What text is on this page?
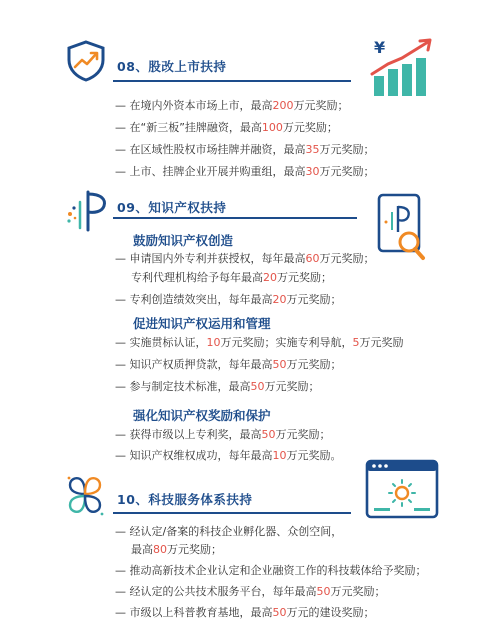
08、股改上市扶持
¥
— 在境内外资本市场上市，最高200万元奖励；
— 在“新三板”挂牌融资，最高100万元奖励；
— 在区域性股权市场挂牌并融资，最高35万元奖励；
— 上市、挂牌企业开展并购重组，最高30万元奖励；
09、知识产权扶持
鼓励知识产权创造
— 申请国内外专利并获授权，每年最高60万元奖励；
专利代理机构给予每年最高20万元奖励；
— 专利创造绩效突出，每年最高20万元奖励；
促进知识产权运用和管理
— 实施贯标认证，10万元奖励；实施专利导航，5万元奖励
— 知识产权质押贷款，每年最高50万元奖励；
— 参与制定技术标准，最高50万元奖励；
强化知识产权奖励和保护
— 获得市级以上专利奖，最高50万元奖励；
— 知识产权维权成功，每年最高10万元奖励。
10、科技服务体系扶持
— 经认定/备案的科技企业孵化器、众创空间，
最高80万元奖励；
— 推动高新技术企业认定和企业融资工作的科技载体给予奖励；
— 经认定的公共技术服务平台，每年最高50万元奖励；
— 市级以上科普教育基地，最高50万元的建设奖励；
